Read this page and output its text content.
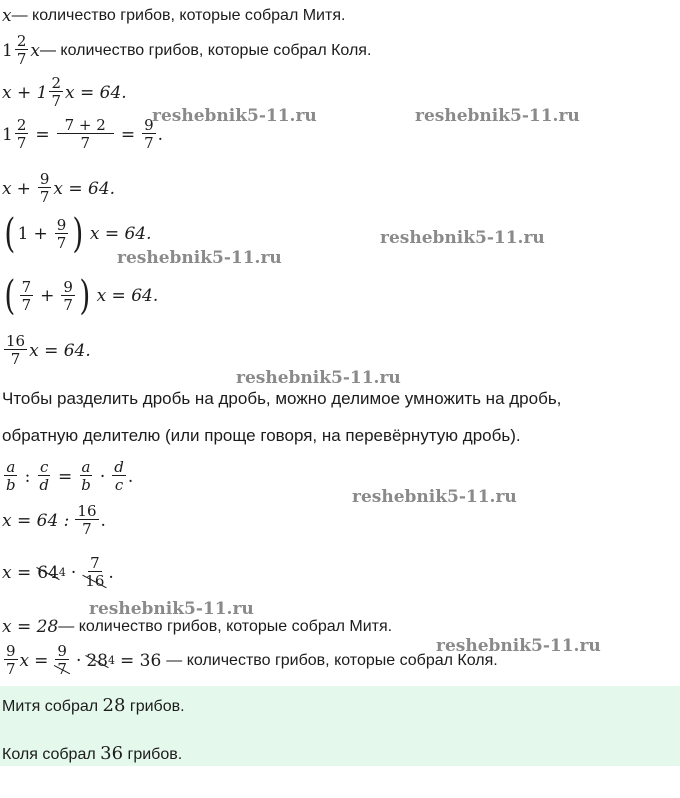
x — количество грибов, которые собрал Митя.
$1 \frac{2}{7}$ x — количество грибов, которые собрал Коля.
$x + 1 \frac{2}{7}$ x = 64.
$1 \frac{2}{7} = \frac{7 + 2}{7} = \frac{9}{7}$ .
$x + \frac{9}{7}$ x = 64.
( $1 + \frac{9}{7}$ ) x = 64.
( $\frac{7}{7} + \frac{9}{7}$ ) x = 64.
$\frac{16}{7}$ x = 64.
Чтобы разделить дробь на дробь, можно делимое умножить на дробь,
обратную делителю (или проще говоря, на перевёрнутую дробь).
$\frac{a}{b}$ : $\frac{c}{d} = \frac{a}{b} \cdot \frac{d}{c}$ .
x = 64 : $\frac{16}{7}$ .
x = 64 $4 \cdot \frac{7}{16}$ .
x = 28 — количество грибов, которые собрал Митя.
$\frac{9}{7}$ $x = \frac{9}{7} \cdot 28$ 4 = 36 — количество грибов, которые собрал Коля.
reshebnik5-11.ru	reshebnik5-11.ru
reshebnik5-11.ru
reshebnik5-11.ru
reshebnik5-11.ru
reshebnik5-11.ru
reshebnik5-11.ru
reshebnik5-11.ru
Митя собрал 28 грибов.
Коля собрал 36 грибов.
